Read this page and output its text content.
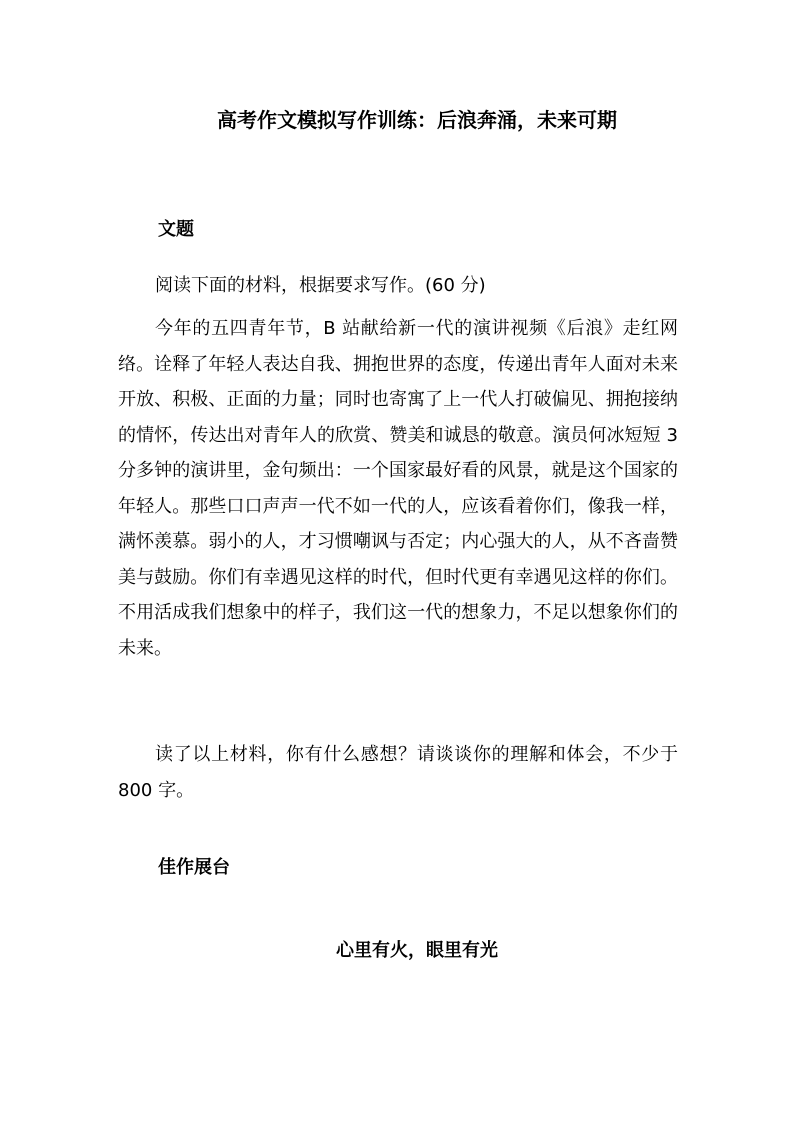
高考作文模拟写作训练：后浪奔涌，未来可期
文题

阅读下面的材料，根据要求写作。(60 分)

今年的五四青年节，B 站献给新一代的演讲视频《后浪》走红网络。诠释了年轻人表达自我、拥抱世界的态度，传递出青年人面对未来开放、积极、正面的力量；同时也寄寓了上一代人打破偏见、拥抱接纳的情怀，传达出对青年人的欣赏、赞美和诚恳的敬意。演员何冰短短 3 分多钟的演讲里，金句频出：一个国家最好看的风景，就是这个国家的年轻人。那些口口声声一代不如一代的人，应该看着你们，像我一样，满怀羡慕。弱小的人，才习惯嘲讽与否定；内心强大的人，从不吝啬赞美与鼓励。你们有幸遇见这样的时代，但时代更有幸遇见这样的你们。不用活成我们想象中的样子，我们这一代的想象力，不足以想象你们的未来。

读了以上材料，你有什么感想？请谈谈你的理解和体会，不少于 800 字。

佳作展台
心里有火，眼里有光
